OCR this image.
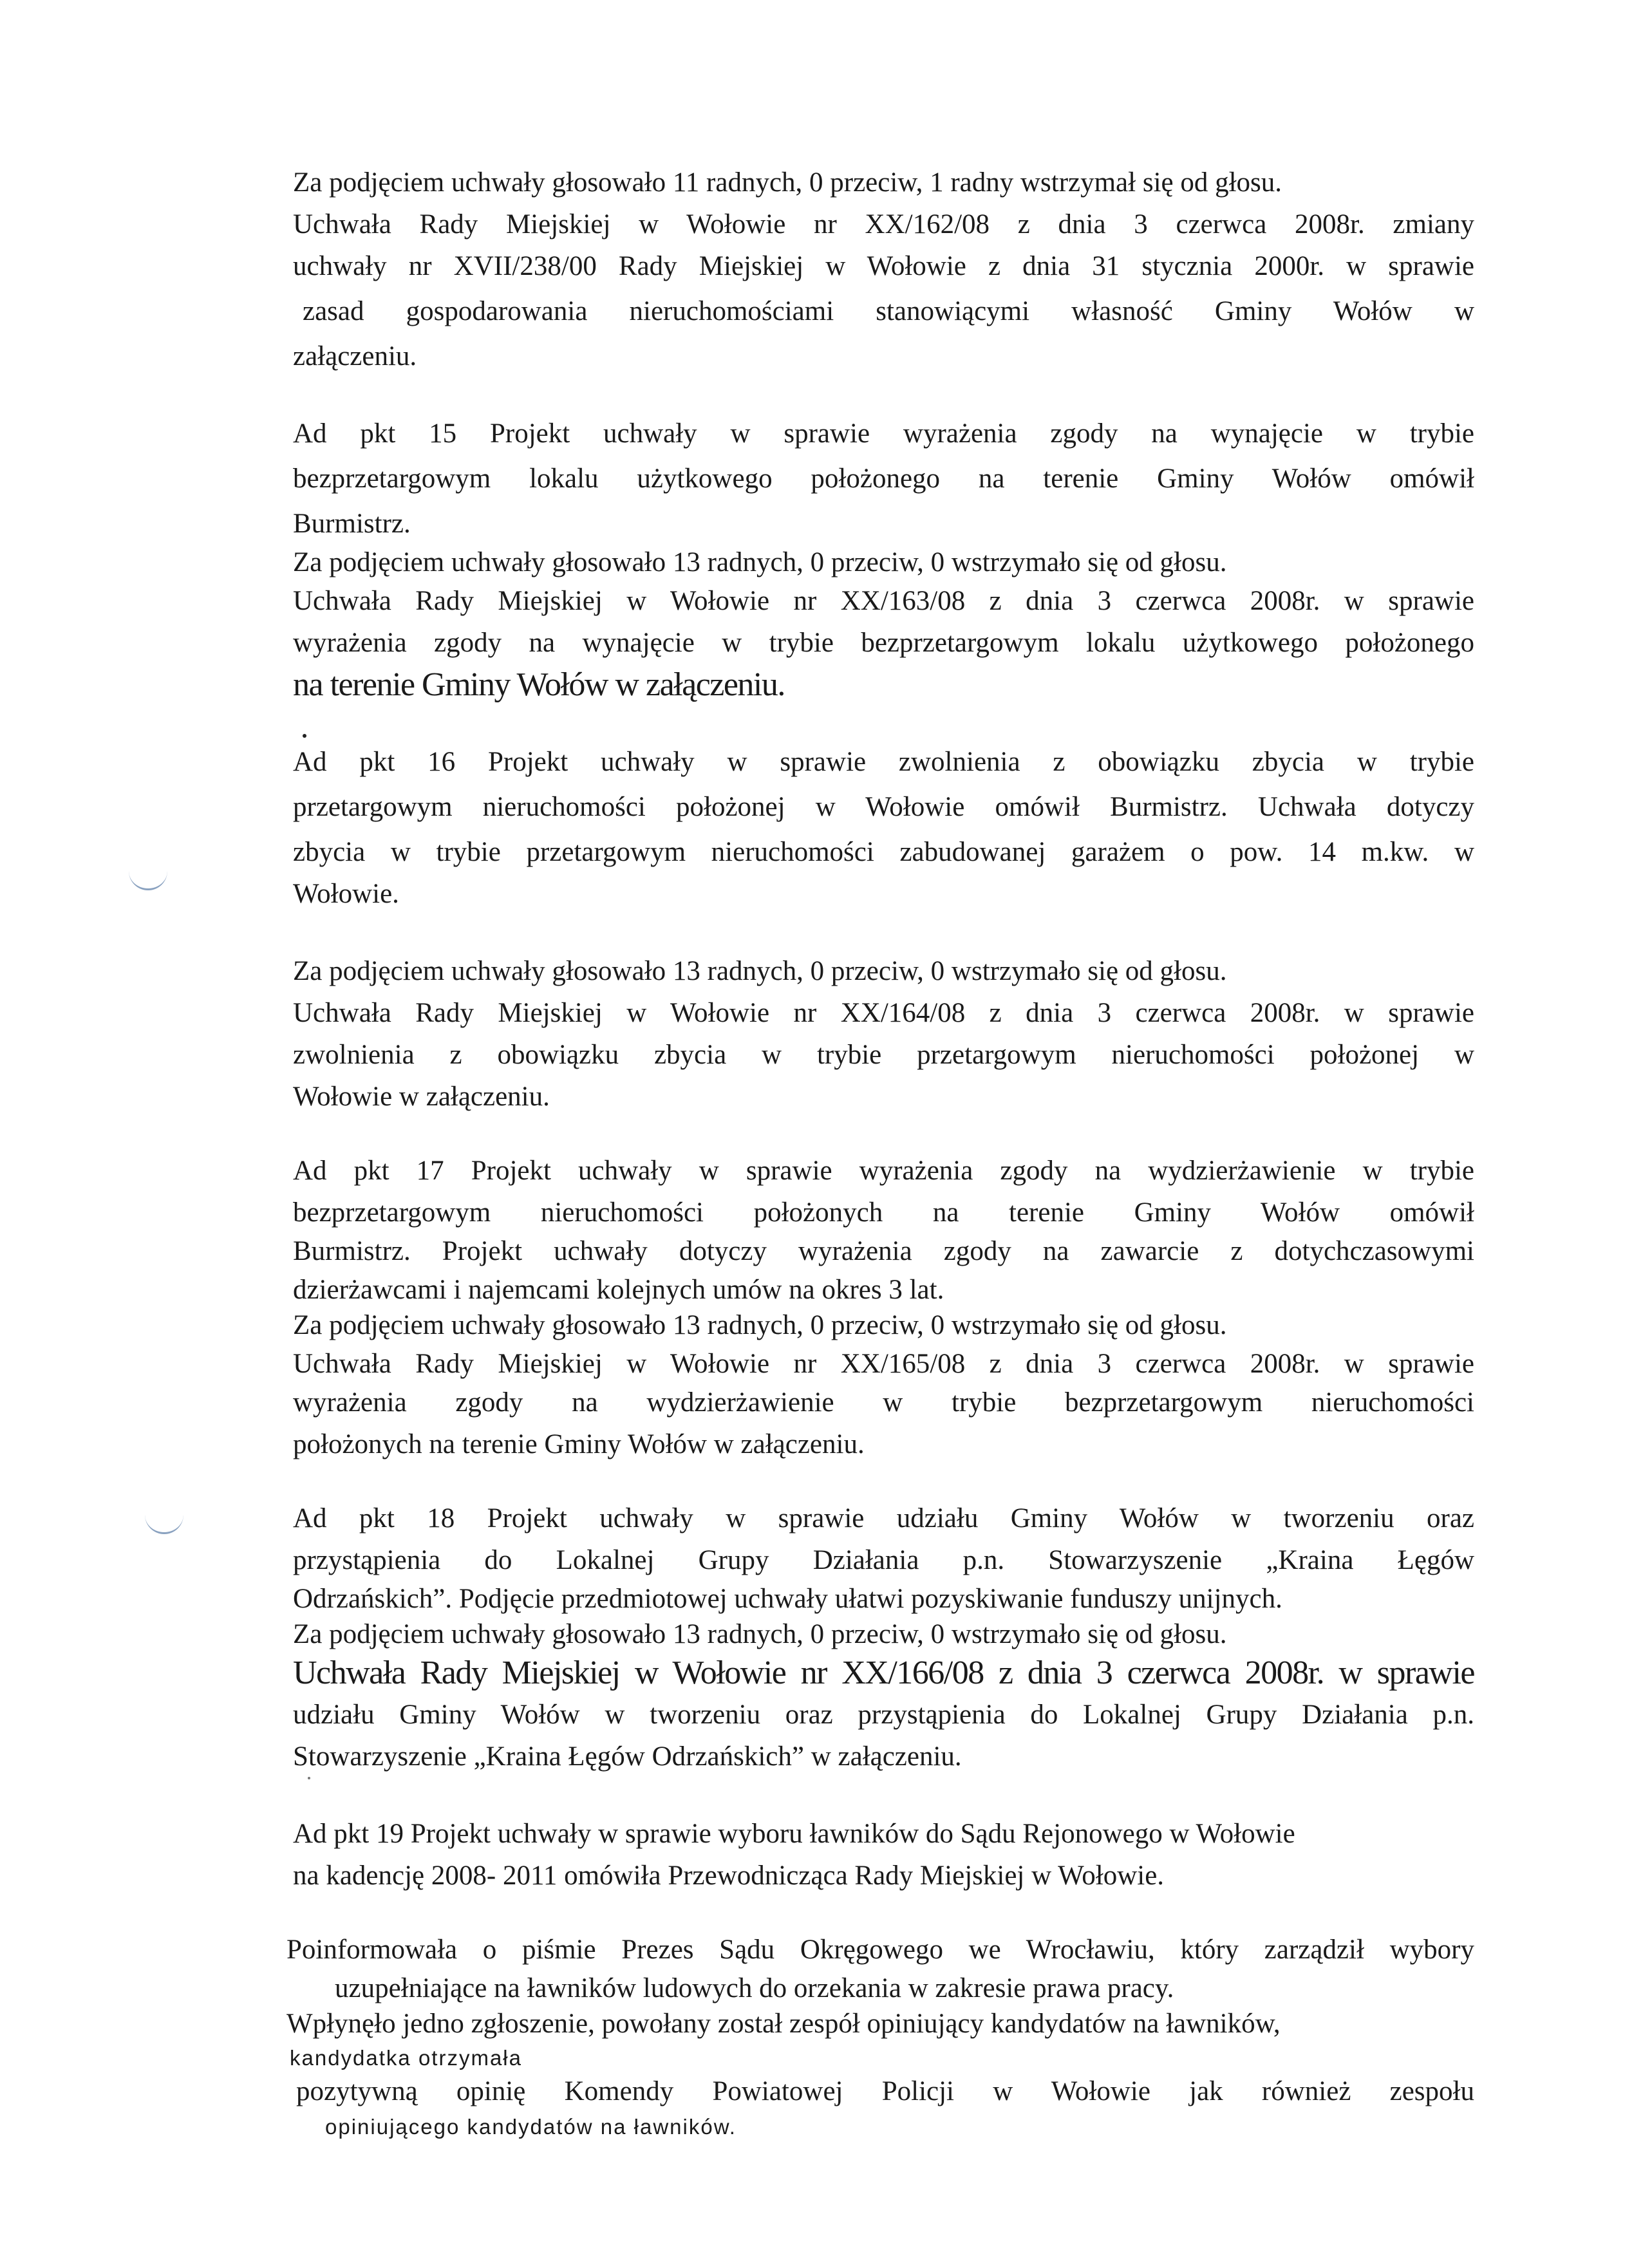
Za podjęciem uchwały głosowało 11 radnych, 0 przeciw, 1 radny wstrzymał się od głosu.
Uchwała Rady Miejskiej w Wołowie nr XX/162/08 z dnia 3 czerwca 2008r. zmiany
uchwały nr XVII/238/00 Rady Miejskiej w Wołowie z dnia 31 stycznia 2000r. w sprawie
zasad gospodarowania nieruchomościami stanowiącymi własność Gminy Wołów w
załączeniu.
Ad pkt 15 Projekt uchwały w sprawie wyrażenia zgody na wynajęcie w trybie
bezprzetargowym lokalu użytkowego położonego na terenie Gminy Wołów omówił
Burmistrz.
Za podjęciem uchwały głosowało 13 radnych, 0 przeciw, 0 wstrzymało się od głosu.
Uchwała Rady Miejskiej w Wołowie nr XX/163/08 z dnia 3 czerwca 2008r. w sprawie
wyrażenia zgody na wynajęcie w trybie bezprzetargowym lokalu użytkowego położonego
na terenie Gminy Wołów w załączeniu.
Ad pkt 16 Projekt uchwały w sprawie zwolnienia z obowiązku zbycia w trybie
przetargowym nieruchomości położonej w Wołowie omówił Burmistrz. Uchwała dotyczy
zbycia w trybie przetargowym nieruchomości zabudowanej garażem o pow. 14 m.kw. w
Wołowie.
Za podjęciem uchwały głosowało 13 radnych, 0 przeciw, 0 wstrzymało się od głosu.
Uchwała Rady Miejskiej w Wołowie nr XX/164/08 z dnia 3 czerwca 2008r. w sprawie
zwolnienia z obowiązku zbycia w trybie przetargowym nieruchomości położonej w
Wołowie w załączeniu.
Ad pkt 17 Projekt uchwały w sprawie wyrażenia zgody na wydzierżawienie w trybie
bezprzetargowym nieruchomości położonych na terenie Gminy Wołów omówił
Burmistrz. Projekt uchwały dotyczy wyrażenia zgody na zawarcie z dotychczasowymi
dzierżawcami i najemcami kolejnych umów na okres 3 lat.
Za podjęciem uchwały głosowało 13 radnych, 0 przeciw, 0 wstrzymało się od głosu.
Uchwała Rady Miejskiej w Wołowie nr XX/165/08 z dnia 3 czerwca 2008r. w sprawie
wyrażenia zgody na wydzierżawienie w trybie bezprzetargowym nieruchomości
położonych na terenie Gminy Wołów w załączeniu.
Ad pkt 18 Projekt uchwały w sprawie udziału Gminy Wołów w tworzeniu oraz
przystąpienia do Lokalnej Grupy Działania p.n. Stowarzyszenie „Kraina Łęgów
Odrzańskich”. Podjęcie przedmiotowej uchwały ułatwi pozyskiwanie funduszy unijnych.
Za podjęciem uchwały głosowało 13 radnych, 0 przeciw, 0 wstrzymało się od głosu.
Uchwała Rady Miejskiej w Wołowie nr XX/166/08 z dnia 3 czerwca 2008r. w sprawie
udziału Gminy Wołów w tworzeniu oraz przystąpienia do Lokalnej Grupy Działania p.n.
Stowarzyszenie „Kraina Łęgów Odrzańskich” w załączeniu.
Ad pkt 19 Projekt uchwały w sprawie wyboru ławników do Sądu Rejonowego w Wołowie
na kadencję 2008- 2011 omówiła Przewodnicząca Rady Miejskiej w Wołowie.
Poinformowała o piśmie Prezes Sądu Okręgowego we Wrocławiu, który zarządził wybory
uzupełniające na ławników ludowych do orzekania w zakresie prawa pracy.
Wpłynęło jedno zgłoszenie, powołany został zespół opiniujący kandydatów na ławników,
kandydatka otrzymała
pozytywną opinię Komendy Powiatowej Policji w Wołowie jak również zespołu
opiniującego kandydatów na ławników.
